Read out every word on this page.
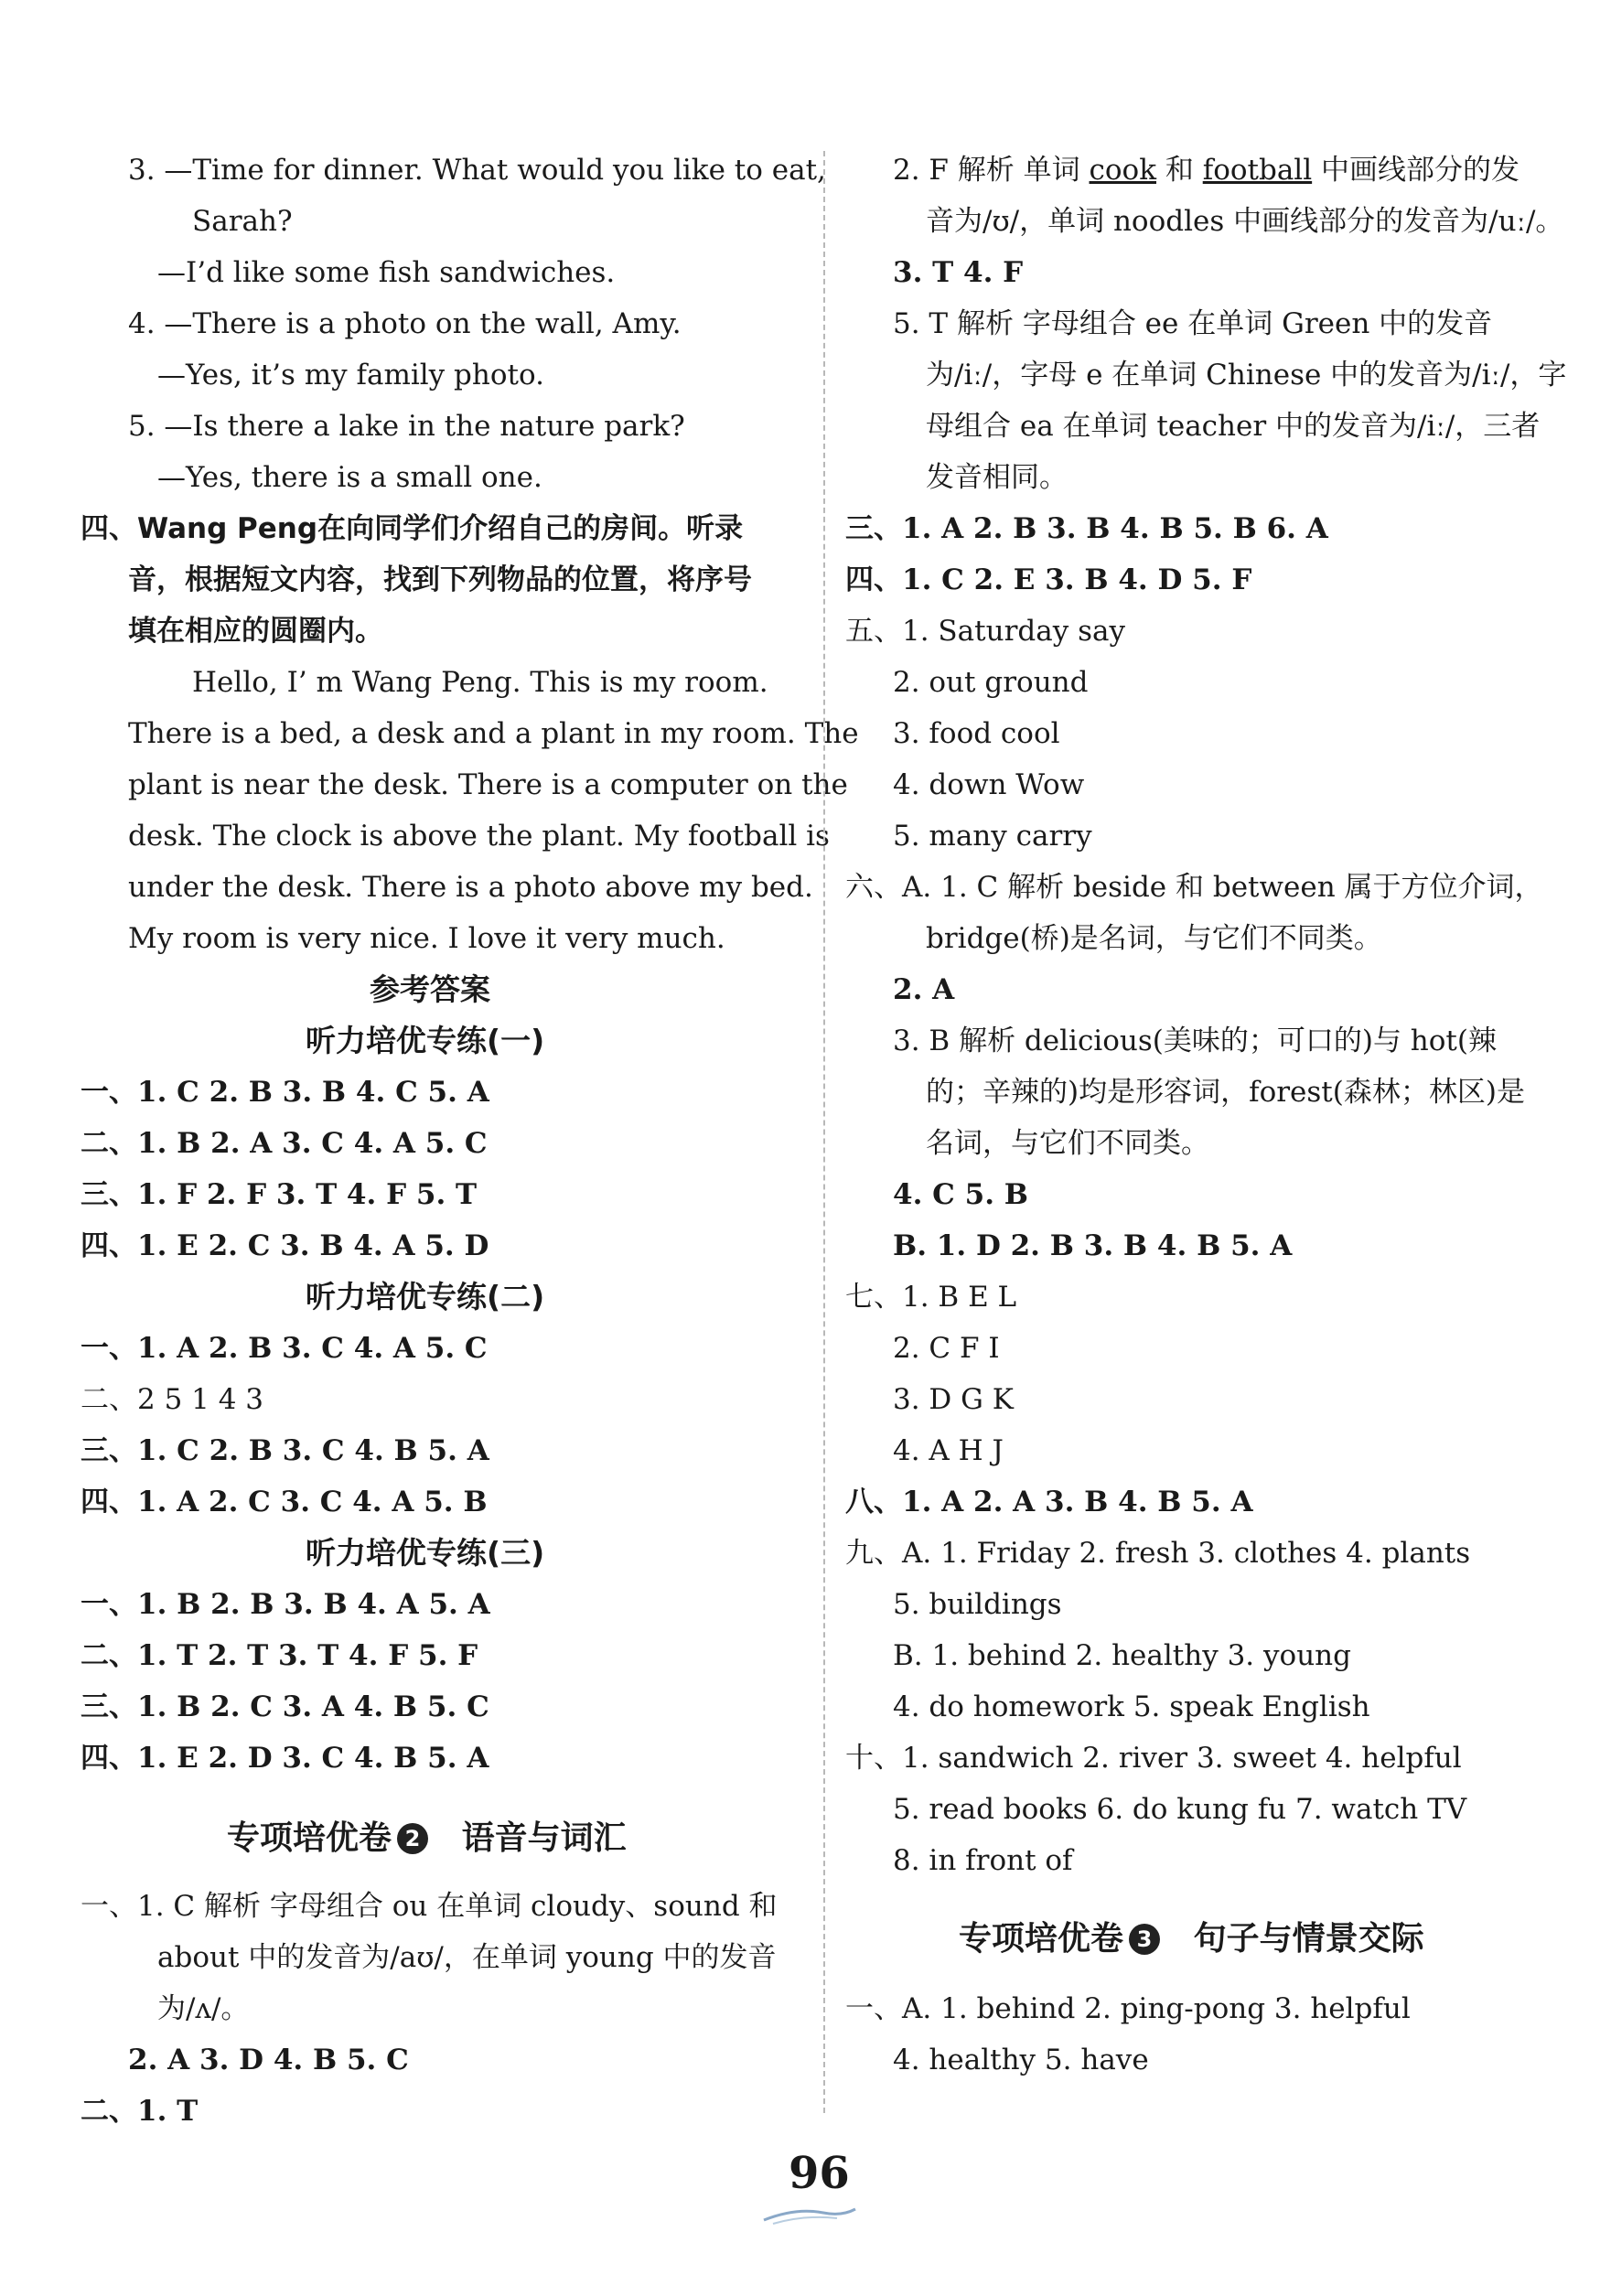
3. —Time for dinner. What would you like to eat,
Sarah?
—I’d like some fish sandwiches.
4. —There is a photo on the wall, Amy.
—Yes, it’s my family photo.
5. —Is there a lake in the nature park?
—Yes, there is a small one.
四、Wang Peng在向同学们介绍自己的房间。听录
音，根据短文内容，找到下列物品的位置，将序号
填在相应的圆圈内。
Hello, I’ m Wang Peng. This is my room.
There is a bed, a desk and a plant in my room. The
plant is near the desk. There is a computer on the
desk. The clock is above the plant. My football is
under the desk. There is a photo above my bed.
My room is very nice. I love it very much.
参考答案
听力培优专练(一)
一、1. C 2. B 3. B 4. C 5. A
二、1. B 2. A 3. C 4. A 5. C
三、1. F 2. F 3. T 4. F 5. T
四、1. E 2. C 3. B 4. A 5. D
听力培优专练(二)
一、1. A 2. B 3. C 4. A 5. C
二、2 5 1 4 3
三、1. C 2. B 3. C 4. B 5. A
四、1. A 2. C 3. C 4. A 5. B
听力培优专练(三)
一、1. B 2. B 3. B 4. A 5. A
二、1. T 2. T 3. T 4. F 5. F
三、1. B 2. C 3. A 4. B 5. C
四、1. E 2. D 3. C 4. B 5. A
专项培优卷 2 语音与词汇
一、1. C 解析 字母组合 ou 在单词 cloudy、sound 和
about 中的发音为/aʊ/，在单词 young 中的发音
为/ʌ/。
2. A 3. D 4. B 5. C
二、1. T
2. F 解析 单词 cook 和 football 中画线部分的发
音为/ʊ/，单词 noodles 中画线部分的发音为/uː/。
3. T 4. F
5. T 解析 字母组合 ee 在单词 Green 中的发音
为/iː/，字母 e 在单词 Chinese 中的发音为/iː/，字
母组合 ea 在单词 teacher 中的发音为/iː/，三者
发音相同。
三、1. A 2. B 3. B 4. B 5. B 6. A
四、1. C 2. E 3. B 4. D 5. F
五、1. Saturday say
2. out ground
3. food cool
4. down Wow
5. many carry
六、A. 1. C 解析 beside 和 between 属于方位介词，
bridge(桥)是名词，与它们不同类。
2. A
3. B 解析 delicious(美味的；可口的)与 hot(辣
的；辛辣的)均是形容词，forest(森林；林区)是
名词，与它们不同类。
4. C 5. B
B. 1. D 2. B 3. B 4. B 5. A
七、1. B E L
2. C F I
3. D G K
4. A H J
八、1. A 2. A 3. B 4. B 5. A
九、A. 1. Friday 2. fresh 3. clothes 4. plants
5. buildings
B. 1. behind 2. healthy 3. young
4. do homework 5. speak English
十、1. sandwich 2. river 3. sweet 4. helpful
5. read books 6. do kung fu 7. watch TV
8. in front of
专项培优卷 3 句子与情景交际
一、A. 1. behind 2. ping-pong 3. helpful
4. healthy 5. have
96
